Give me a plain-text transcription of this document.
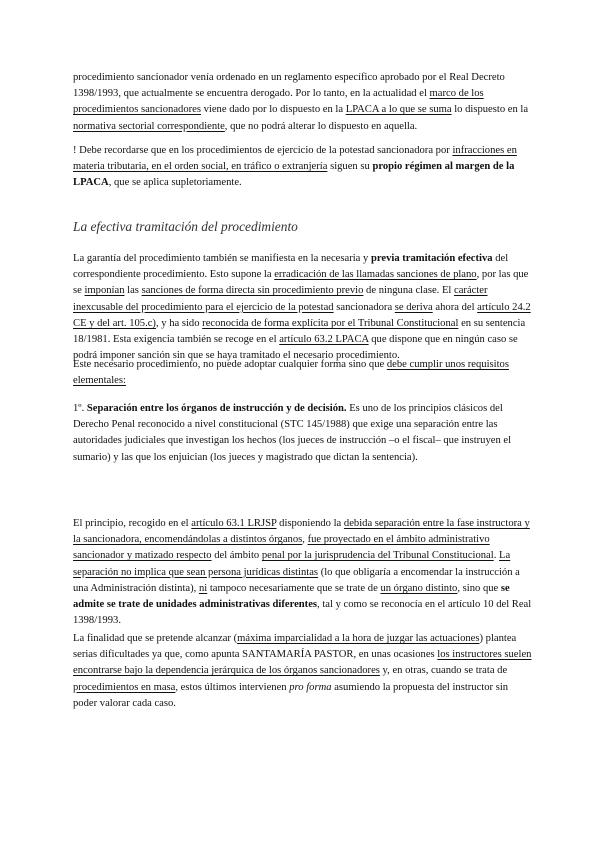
procedimiento sancionador venía ordenado en un reglamento específico aprobado por el Real Decreto 1398/1993, que actualmente se encuentra derogado. Por lo tanto, en la actualidad el marco de los procedimientos sancionadores viene dado por lo dispuesto en la LPACA a lo que se suma lo dispuesto en la normativa sectorial correspondiente, que no podrá alterar lo dispuesto en aquella.

! Debe recordarse que en los procedimientos de ejercicio de la potestad sancionadora por infracciones en materia tributaria, en el orden social, en tráfico o extranjería siguen su propio régimen al margen de la LPACA, que se aplica supletoriamente.

La efectiva tramitación del procedimiento

La garantía del procedimiento también se manifiesta en la necesaria y previa tramitación efectiva del correspondiente procedimiento. Esto supone la erradicación de las llamadas sanciones de plano, por las que se imponían las sanciones de forma directa sin procedimiento previo de ninguna clase. El carácter inexcusable del procedimiento para el ejercicio de la potestad sancionadora se deriva ahora del artículo 24.2 CE y del art. 105.c), y ha sido reconocida de forma explícita por el Tribunal Constitucional en su sentencia 18/1981. Esta exigencia también se recoge en el artículo 63.2 LPACA que dispone que en ningún caso se podrá imponer sanción sin que se haya tramitado el necesario procedimiento.

Este necesario procedimiento, no puede adoptar cualquier forma sino que debe cumplir unos requisitos elementales:

1º. Separación entre los órganos de instrucción y de decisión. Es uno de los principios clásicos del Derecho Penal reconocido a nivel constitucional (STC 145/1988) que exige una separación entre las autoridades judiciales que investigan los hechos (los jueces de instrucción –o el fiscal– que instruyen el sumario) y las que los enjuician (los jueces y magistrado que dictan la sentencia).

El principio, recogido en el artículo 63.1 LRJSP disponiendo la debida separación entre la fase instructora y la sancionadora, encomendándolas a distintos órganos, fue proyectado en el ámbito administrativo sancionador y matizado respecto del ámbito penal por la jurisprudencia del Tribunal Constitucional. La separación no implica que sean persona jurídicas distintas (lo que obligaría a encomendar la instrucción a una Administración distinta), ni tampoco necesariamente que se trate de un órgano distinto, sino que se admite se trate de unidades administrativas diferentes, tal y como se reconocía en el artículo 10 del Real 1398/1993.

La finalidad que se pretende alcanzar (máxima imparcialidad a la hora de juzgar las actuaciones) plantea serias dificultades ya que, como apunta SANTAMARÍA PASTOR, en unas ocasiones los instructores suelen encontrarse bajo la dependencia jerárquica de los órganos sancionadores y, en otras, cuando se trata de procedimientos en masa, estos últimos intervienen pro forma asumiendo la propuesta del instructor sin poder valorar cada caso.
